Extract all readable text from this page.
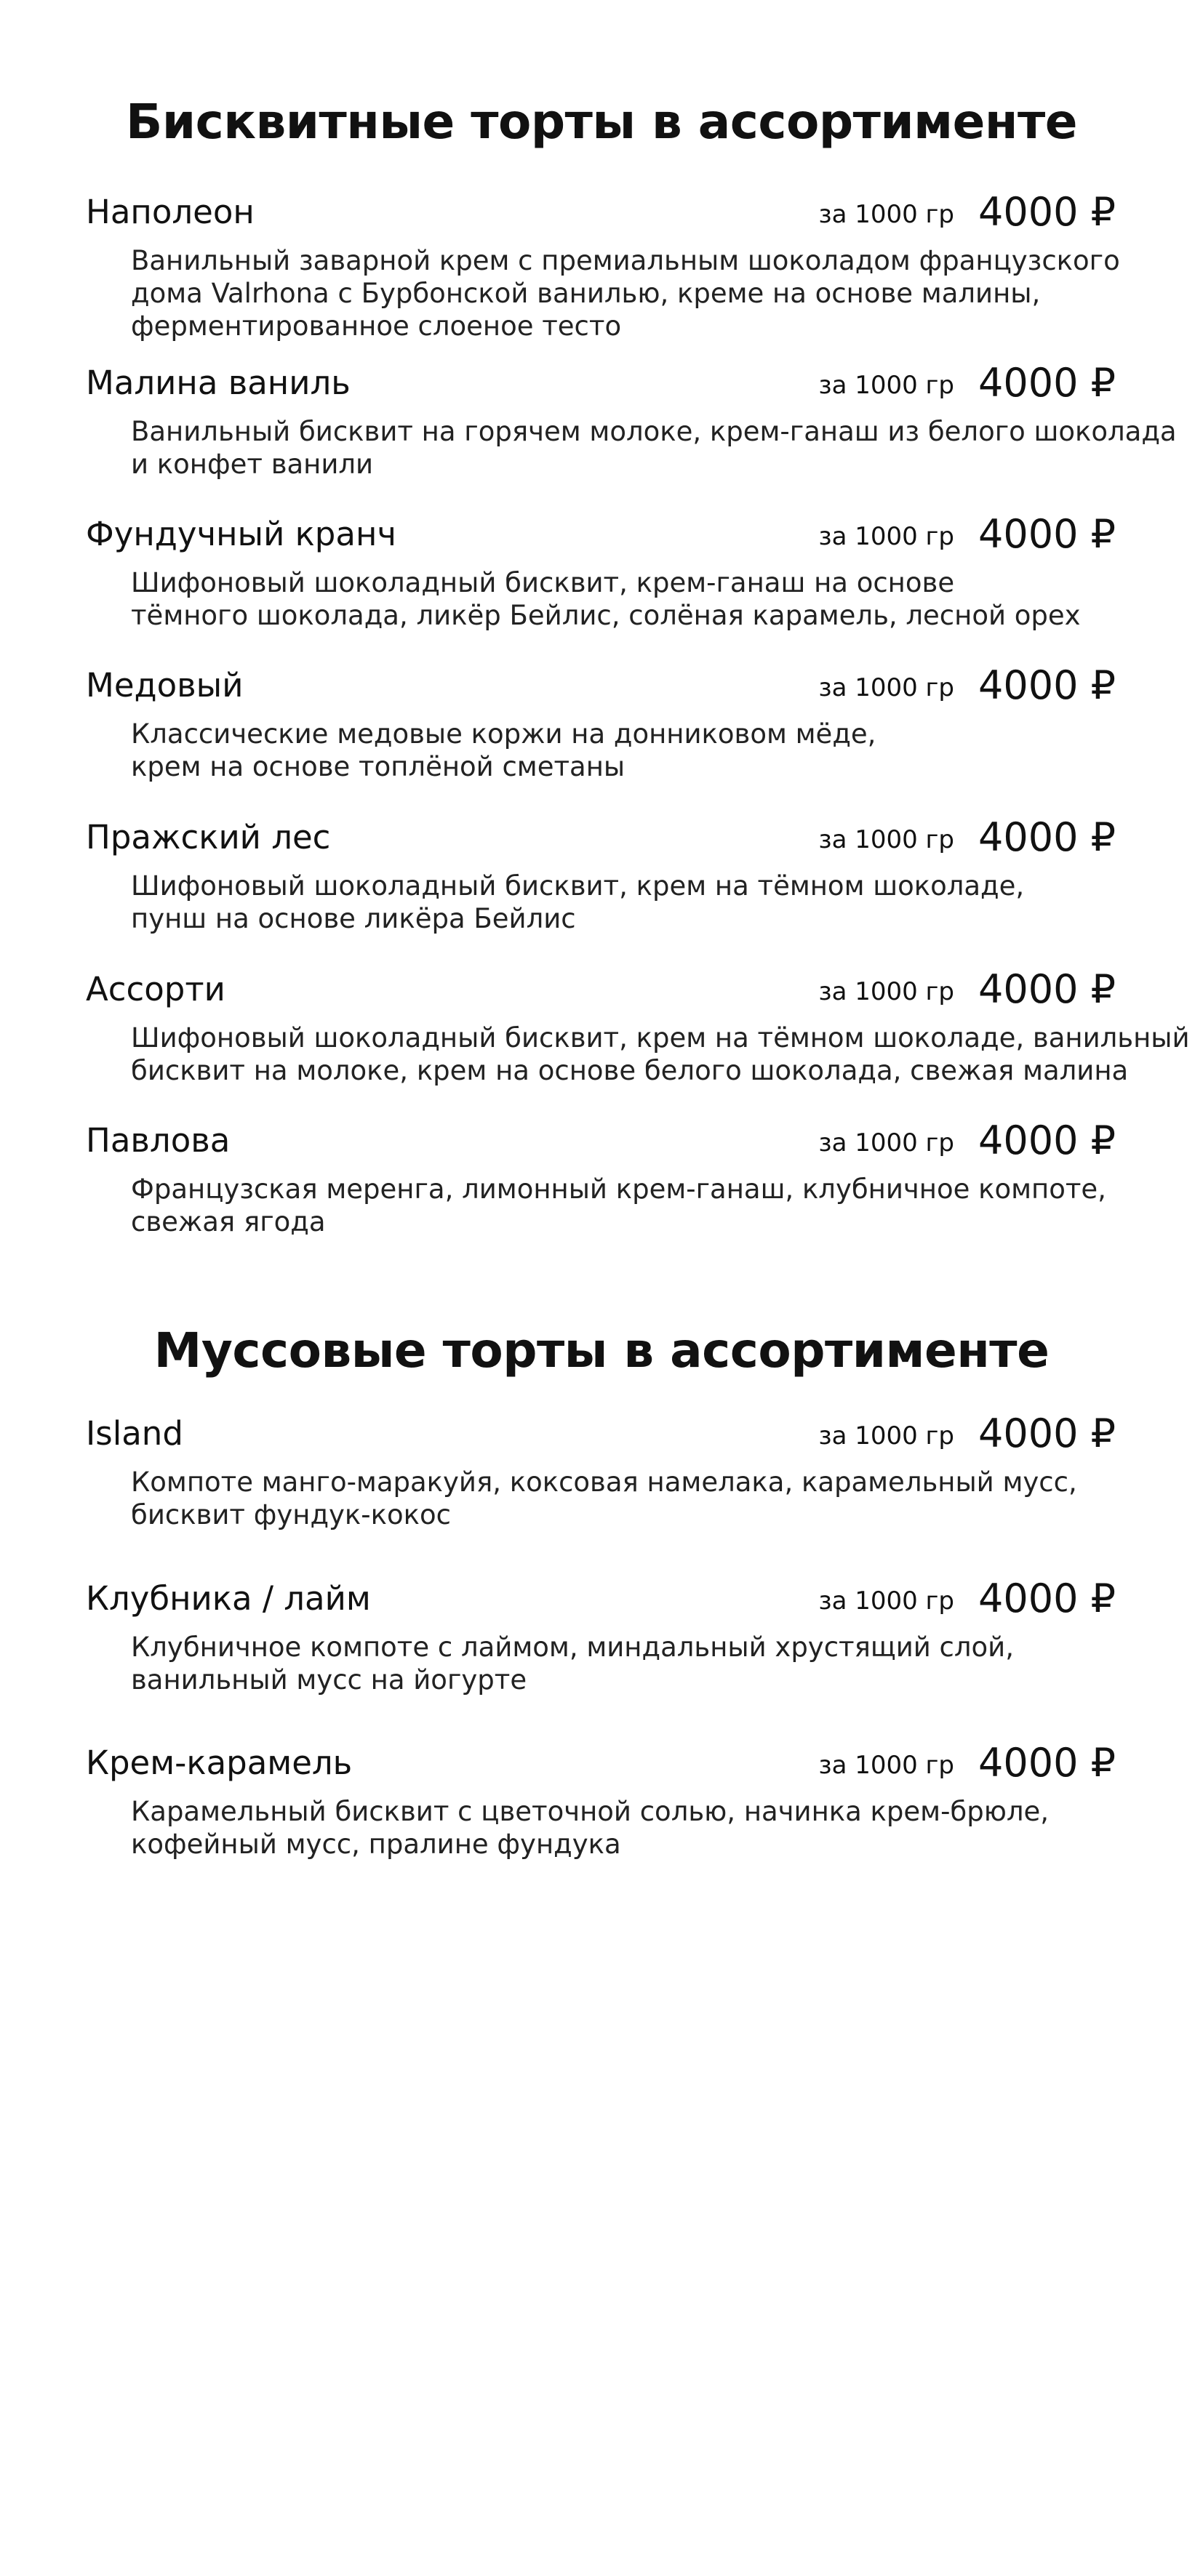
Бисквитные торты в ассортименте
Наполеон	за 1000 гр 4000 ₽

Ванильный заварной крем с премиальным шоколадом французского
дома Valrhona с Бурбонской ванилью, креме на основе малины,
ферментированное слоеное тесто

Малина ваниль	за 1000 гр 4000 ₽

Ванильный бисквит на горячем молоке, крем-ганаш из белого шоколада
и конфет ванили

Фундучный кранч	за 1000 гр 4000 ₽

Шифоновый шоколадный бисквит, крем-ганаш на основе
тёмного шоколада, ликёр Бейлис, солёная карамель, лесной орех

Медовый	за 1000 гр 4000 ₽

Классические медовые коржи на донниковом мёде,
крем на основе топлёной сметаны

Пражский лес	за 1000 гр 4000 ₽

Шифоновый шоколадный бисквит, крем на тёмном шоколаде,
пунш на основе ликёра Бейлис

Ассорти	за 1000 гр 4000 ₽

Шифоновый шоколадный бисквит, крем на тёмном шоколаде, ванильный
бисквит на молоке, крем на основе белого шоколада, свежая малина

Павлова	за 1000 гр 4000 ₽

Французская меренга, лимонный крем-ганаш, клубничное компоте,
свежая ягода

Муссовые торты в ассортименте
Island	за 1000 гр 4000 ₽

Компоте манго-маракуйя, коксовая намелака, карамельный мусс,
бисквит фундук-кокос

Клубника / лайм	за 1000 гр 4000 ₽

Клубничное компоте с лаймом, миндальный хрустящий слой,
ванильный мусс на йогурте

Крем-карамель	за 1000 гр 4000 ₽

Карамельный бисквит с цветочной солью, начинка крем-брюле,
кофейный мусс, пралине фундука
